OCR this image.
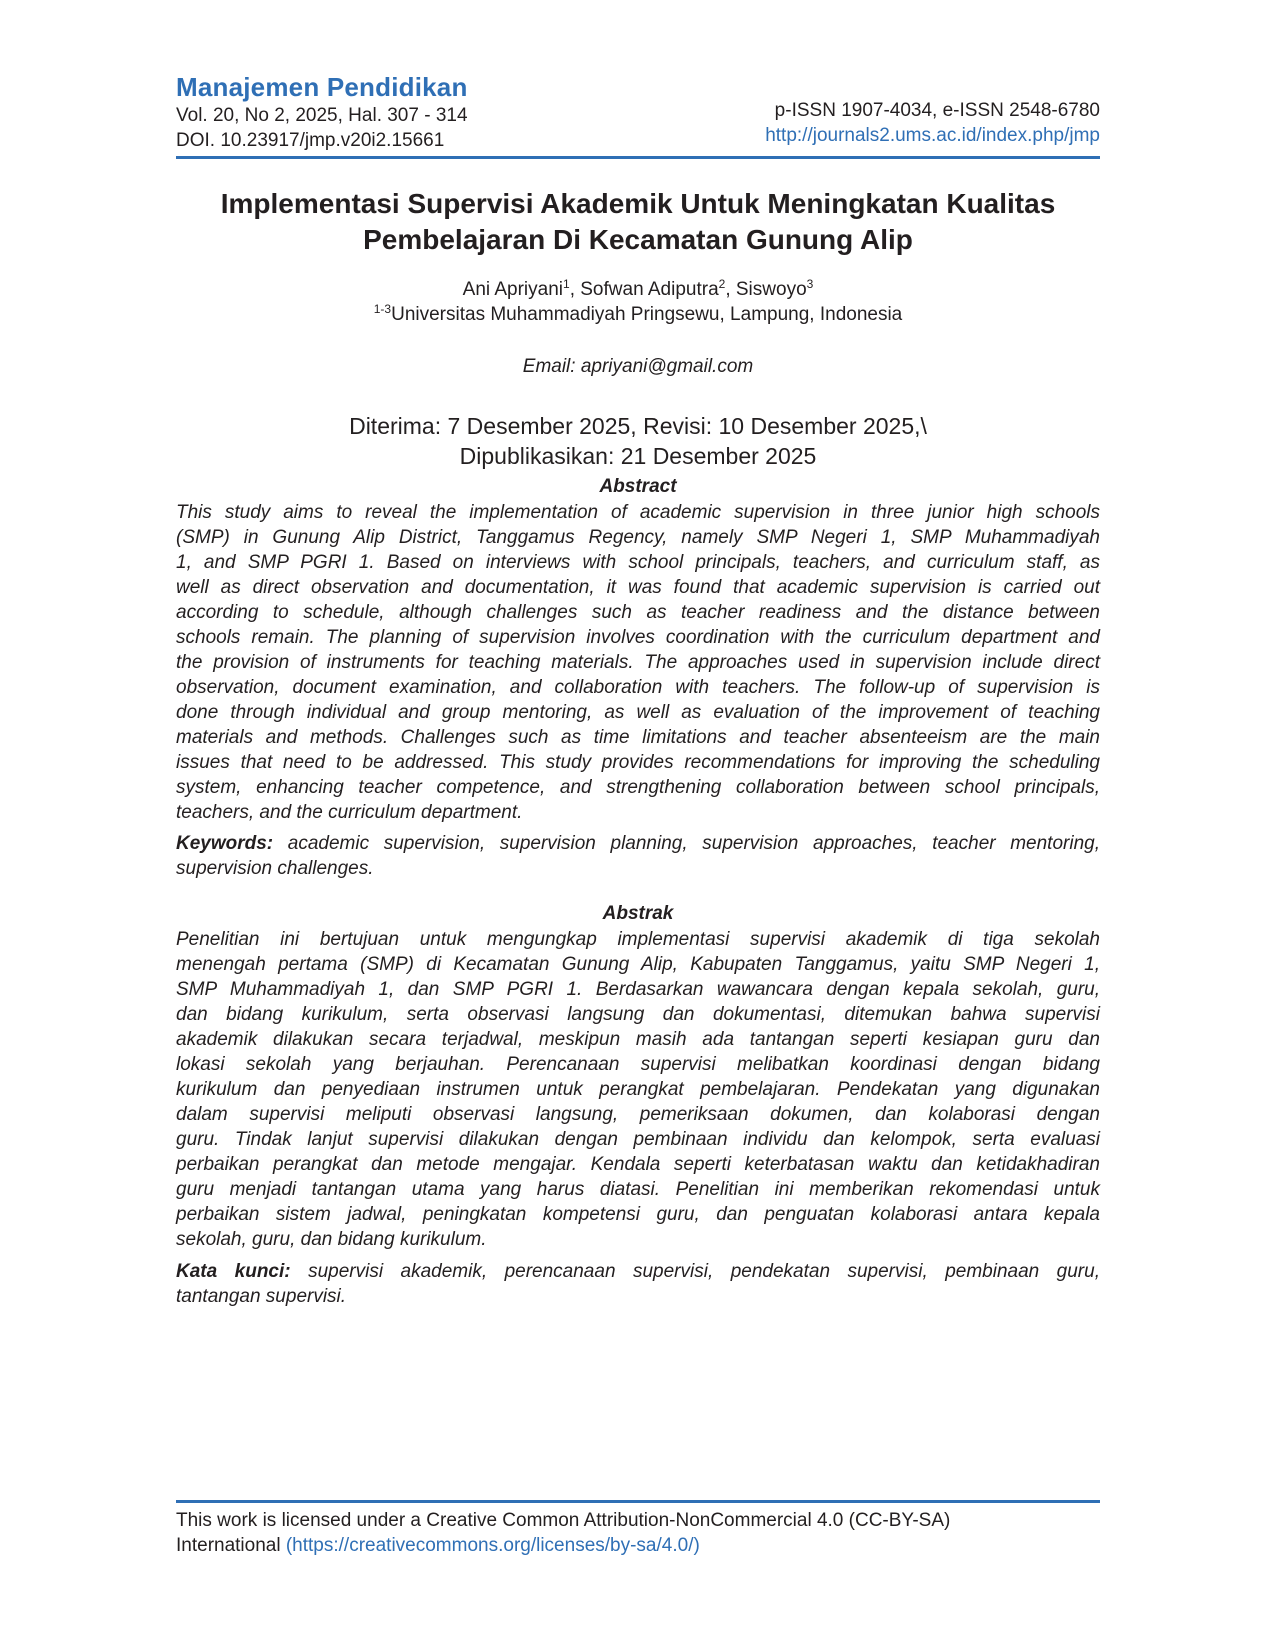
Manajemen Pendidikan
Vol. 20, No 2, 2025, Hal. 307 - 314
DOI. 10.23917/jmp.v20i2.15661
p-ISSN 1907-4034, e-ISSN 2548-6780
http://journals2.ums.ac.id/index.php/jmp
Implementasi Supervisi Akademik Untuk Meningkatan Kualitas
Pembelajaran Di Kecamatan Gunung Alip
Ani Apriyani$^1$, Sofwan Adiputra$^2$, Siswoyo$^3$
$^{1-3}$Universitas Muhammadiyah Pringsewu, Lampung, Indonesia
Email: apriyani@gmail.com
Diterima: 7 Desember 2025, Revisi: 10 Desember 2025,\
Dipublikasikan: 21 Desember 2025
Abstract
This study aims to reveal the implementation of academic supervision in three junior high schools
(SMP) in Gunung Alip District, Tanggamus Regency, namely SMP Negeri 1, SMP Muhammadiyah
1, and SMP PGRI 1. Based on interviews with school principals, teachers, and curriculum staff, as
well as direct observation and documentation, it was found that academic supervision is carried out
according to schedule, although challenges such as teacher readiness and the distance between
schools remain. The planning of supervision involves coordination with the curriculum department and
the provision of instruments for teaching materials. The approaches used in supervision include direct
observation, document examination, and collaboration with teachers. The follow-up of supervision is
done through individual and group mentoring, as well as evaluation of the improvement of teaching
materials and methods. Challenges such as time limitations and teacher absenteeism are the main
issues that need to be addressed. This study provides recommendations for improving the scheduling
system, enhancing teacher competence, and strengthening collaboration between school principals,
teachers, and the curriculum department.
Keywords: academic supervision, supervision planning, supervision approaches, teacher mentoring,
supervision challenges.
Abstrak
Penelitian ini bertujuan untuk mengungkap implementasi supervisi akademik di tiga sekolah
menengah pertama (SMP) di Kecamatan Gunung Alip, Kabupaten Tanggamus, yaitu SMP Negeri 1,
SMP Muhammadiyah 1, dan SMP PGRI 1. Berdasarkan wawancara dengan kepala sekolah, guru,
dan bidang kurikulum, serta observasi langsung dan dokumentasi, ditemukan bahwa supervisi
akademik dilakukan secara terjadwal, meskipun masih ada tantangan seperti kesiapan guru dan
lokasi sekolah yang berjauhan. Perencanaan supervisi melibatkan koordinasi dengan bidang
kurikulum dan penyediaan instrumen untuk perangkat pembelajaran. Pendekatan yang digunakan
dalam supervisi meliputi observasi langsung, pemeriksaan dokumen, dan kolaborasi dengan
guru. Tindak lanjut supervisi dilakukan dengan pembinaan individu dan kelompok, serta evaluasi
perbaikan perangkat dan metode mengajar. Kendala seperti keterbatasan waktu dan ketidakhadiran
guru menjadi tantangan utama yang harus diatasi. Penelitian ini memberikan rekomendasi untuk
perbaikan sistem jadwal, peningkatan kompetensi guru, dan penguatan kolaborasi antara kepala
sekolah, guru, dan bidang kurikulum.
Kata kunci: supervisi akademik, perencanaan supervisi, pendekatan supervisi, pembinaan guru,
tantangan supervisi.
This work is licensed under a Creative Common Attribution-NonCommercial 4.0 (CC-BY-SA)
International (https://creativecommons.org/licenses/by-sa/4.0/)
